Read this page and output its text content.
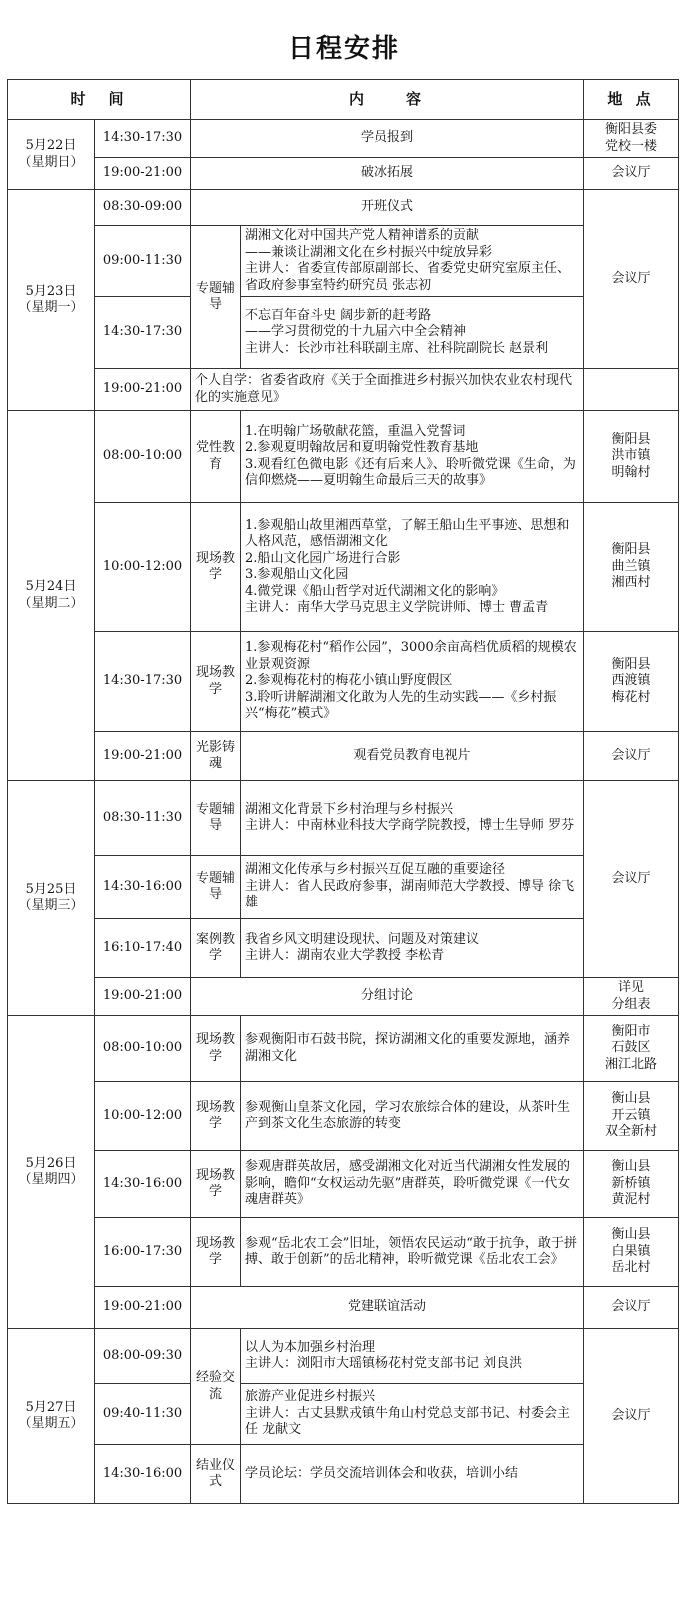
日程安排
时　间		内　　容		地 点

5月22日
（星期日）	14:30-17:30	学员报到		衡阳县委
党校一楼

	19:00-21:00	破冰拓展		会议厅

5月23日
（星期一）	08:30-09:00	开班仪式		会议厅
	09:00-11:30	专题辅导	湖湘文化对中国共产党人精神谱系的贡献
——兼谈让湖湘文化在乡村振兴中绽放异彩
主讲人：省委宣传部原副部长、省委党史研究室原主任、省政府参事室特约研究员 张志初	

	14:30-17:30		不忘百年奋斗史 阔步新的赶考路
——学习贯彻党的十九届六中全会精神
主讲人：长沙市社科联副主席、社科院副院长 赵景利	

	19:00-21:00	个人自学：省委省政府《关于全面推进乡村振兴加快农业农村现代化的实施意见》		

5月24日
（星期二）	08:00-10:00	党性教育	1.在明翰广场敬献花篮，重温入党誓词
2.参观夏明翰故居和夏明翰党性教育基地
3.观看红色微电影《还有后来人》、聆听微党课《生命，为信仰燃烧——夏明翰生命最后三天的故事》	衡阳县
洪市镇
明翰村

	10:00-12:00	现场教学	1.参观船山故里湘西草堂，了解王船山生平事迹、思想和人格风范，感悟湖湘文化
2.船山文化园广场进行合影
3.参观船山文化园
4.微党课《船山哲学对近代湖湘文化的影响》
主讲人：南华大学马克思主义学院讲师、博士 曹孟青	衡阳县
曲兰镇
湘西村

	14:30-17:30	现场教学	1.参观梅花村“稻作公园”，3000余亩高档优质稻的规模农业景观资源
2.参观梅花村的梅花小镇山野度假区
3.聆听讲解湖湘文化敢为人先的生动实践——《乡村振兴“梅花”模式》	衡阳县
西渡镇
梅花村

	19:00-21:00	光影铸魂	观看党员教育电视片	会议厅

5月25日
（星期三）	08:30-11:30	专题辅导	湖湘文化背景下乡村治理与乡村振兴
主讲人：中南林业科技大学商学院教授，博士生导师 罗芬	会议厅
	14:30-16:00	专题辅导	湖湘文化传承与乡村振兴互促互融的重要途径
主讲人：省人民政府参事，湖南师范大学教授、博导 徐飞雄	

	16:10-17:40	案例教学	我省乡风文明建设现状、问题及对策建议
主讲人：湖南农业大学教授 李松青	

	19:00-21:00	分组讨论		详见
分组表

5月26日
（星期四）	08:00-10:00	现场教学	参观衡阳市石鼓书院，探访湖湘文化的重要发源地，涵养湖湘文化	衡阳市
石鼓区
湘江北路

	10:00-12:00	现场教学	参观衡山皇茶文化园，学习农旅综合体的建设，从茶叶生产到茶文化生态旅游的转变	衡山县
开云镇
双全新村

	14:30-16:00	现场教学	参观唐群英故居，感受湖湘文化对近当代湖湘女性发展的影响，瞻仰“女权运动先驱”唐群英，聆听微党课《一代女魂唐群英》	衡山县
新桥镇
黄泥村

	16:00-17:30	现场教学	参观“岳北农工会”旧址，领悟农民运动“敢于抗争，敢于拼搏、敢于创新”的岳北精神，聆听微党课《岳北农工会》	衡山县
白果镇
岳北村

	19:00-21:00	党建联谊活动		会议厅

5月27日
（星期五）	08:00-09:30	经验交流	以人为本加强乡村治理
主讲人：浏阳市大瑶镇杨花村党支部书记 刘良洪	会议厅
	09:40-11:30		旅游产业促进乡村振兴
主讲人：古丈县默戎镇牛角山村党总支部书记、村委会主任 龙献文	

	14:30-16:00	结业仪式	学员论坛：学员交流培训体会和收获，培训小结	
